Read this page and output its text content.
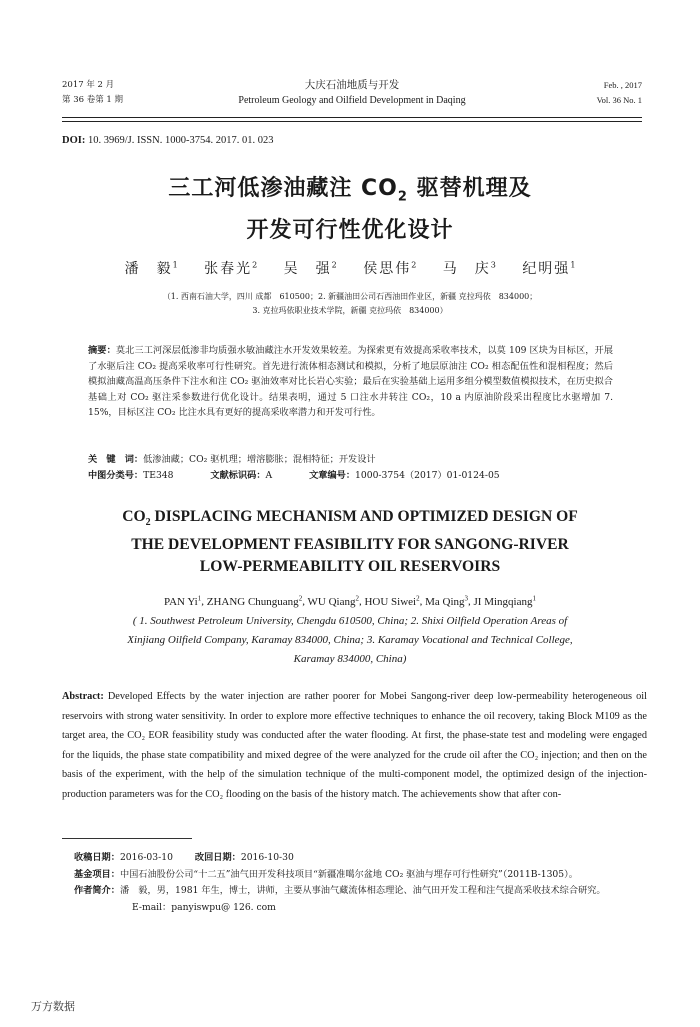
2017 年 2 月
第 36 卷第 1 期
大庆石油地质与开发
Petroleum Geology and Oilfield Development in Daqing
Feb. , 2017
Vol. 36 No. 1
DOI: 10. 3969/J. ISSN. 1000-3754. 2017. 01. 023
三工河低渗油藏注 $CO_2$ 驱替机理及
开发可行性优化设计
潘　毅$^1$ 张春光$^2$ 吴　强$^2$ 侯思伟$^2$ 马　庆$^3$ 纪明强$^1$
（1. 西南石油大学，四川 成都　610500；2. 新疆油田公司石西油田作业区，新疆 克拉玛依　834000；
3. 克拉玛依职业技术学院，新疆 克拉玛依　834000）
摘要：莫北三工河深层低渗非均质强水敏油藏注水开发效果较差。为探索更有效提高采收率技术，以莫 109 区块为目标区，开展了水驱后注 CO₂ 提高采收率可行性研究。首先进行流体相态测试和模拟，分析了地层原油注 CO₂ 相态配伍性和混相程度；然后模拟油藏高温高压条件下注水和注 CO₂ 驱油效率对比长岩心实验；最后在实验基础上运用多组分模型数值模拟技术，在历史拟合基础上对 CO₂ 驱注采参数进行优化设计。结果表明，通过 5 口注水井转注 CO₂，10 a 内原油阶段采出程度比水驱增加 7. 15%，目标区注 CO₂ 比注水具有更好的提高采收率潜力和开发可行性。
关　键　词：低渗油藏；CO₂ 驱机理；增溶膨胀；混相特征；开发设计
中图分类号：TE348	文献标识码：A	文章编号：1000-3754（2017）01-0124-05
$CO_2$ DISPLACING MECHANISM AND OPTIMIZED DESIGN OF
THE DEVELOPMENT FEASIBILITY FOR SANGONG-RIVER
LOW-PERMEABILITY OIL RESERVOIRS
PAN Yi$^1$, ZHANG Chunguang$^2$, WU Qiang$^2$, HOU Siwei$^2$, Ma Qing$^3$, JI Mingqiang$^1$
( 1. Southwest Petroleum University, Chengdu 610500, China; 2. Shixi Oilfield Operation Areas of
Xinjiang Oilfield Company, Karamay 834000, China; 3. Karamay Vocational and Technical College,
Karamay 834000, China)
Abstract: Developed Effects by the water injection are rather poorer for Mobei Sangong-river deep low-permeability heterogeneous oil reservoirs with strong water sensitivity. In order to explore more effective techniques to enhance the oil recovery, taking Block M109 as the target area, the CO₂ EOR feasibility study was conducted after the water flooding. At first, the phase-state test and modeling were engaged for the liquids, the phase state compatibility and mixed degree of the were analyzed for the crude oil after the CO₂ injection; and then on the basis of the experiment, with the help of the simulation technique of the multi-component model, the optimized design of the injection-production parameters was for the CO₂ flooding on the basis of the history match. The achievements show that after con-
收稿日期： 2016-03-10 改回日期： 2016-10-30
基金项目： 中国石油股份公司“十二五”油气田开发科技项目“新疆准噶尔盆地 CO₂ 驱油与埋存可行性研究”（2011B-1305）。
作者简介： 潘　毅，男，1981 年生，博士，讲师，主要从事油气藏流体相态理论、油气田开发工程和注气提高采收技术综合研究。
E-mail：panyiswpu@ 126. com
万方数据
